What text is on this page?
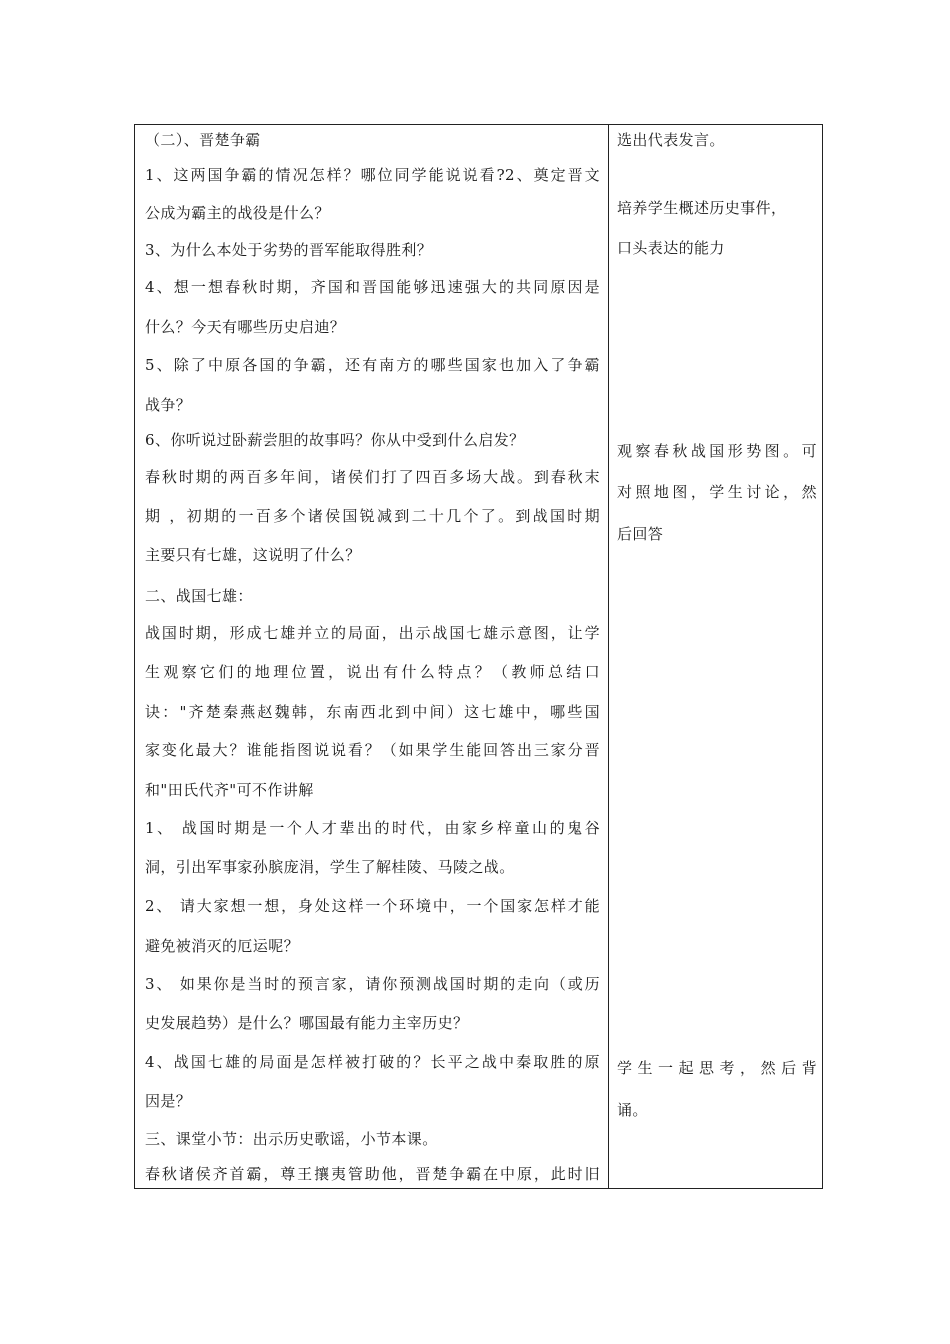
（二）、晋楚争霸
1、这两国争霸的情况怎样？哪位同学能说说看?2、奠定晋文
公成为霸主的战役是什么？
3、为什么本处于劣势的晋军能取得胜利？
4、想一想春秋时期，齐国和晋国能够迅速强大的共同原因是
什么？今天有哪些历史启迪？
5、除了中原各国的争霸，还有南方的哪些国家也加入了争霸
战争？
6、你听说过卧薪尝胆的故事吗？你从中受到什么启发？
春秋时期的两百多年间，诸侯们打了四百多场大战。到春秋末
期 ，初期的一百多个诸侯国锐减到二十几个了。到战国时期
主要只有七雄，这说明了什么？
二、战国七雄：
战国时期，形成七雄并立的局面，出示战国七雄示意图，让学
生观察它们的地理位置，说出有什么特点？（教师总结口
诀："齐楚秦燕赵魏韩，东南西北到中间）这七雄中，哪些国
家变化最大？谁能指图说说看？（如果学生能回答出三家分晋
和"田氏代齐"可不作讲解
1、 战国时期是一个人才辈出的时代，由家乡梓童山的鬼谷
洞，引出军事家孙膑庞涓，学生了解桂陵、马陵之战。
2、 请大家想一想，身处这样一个环境中，一个国家怎样才能
避免被消灭的厄运呢？
3、 如果你是当时的预言家，请你预测战国时期的走向（或历
史发展趋势）是什么？哪国最有能力主宰历史？
4、战国七雄的局面是怎样被打破的？长平之战中秦取胜的原
因是？
三、课堂小节：出示历史歌谣，小节本课。
春秋诸侯齐首霸，尊王攘夷管助他，晋楚争霸在中原，此时旧
选出代表发言。
培养学生概述历史事件，
口头表达的能力
观察春秋战国形势图。可
对照地图，学生讨论，然
后回答
学生一起思考，然后背
诵。
